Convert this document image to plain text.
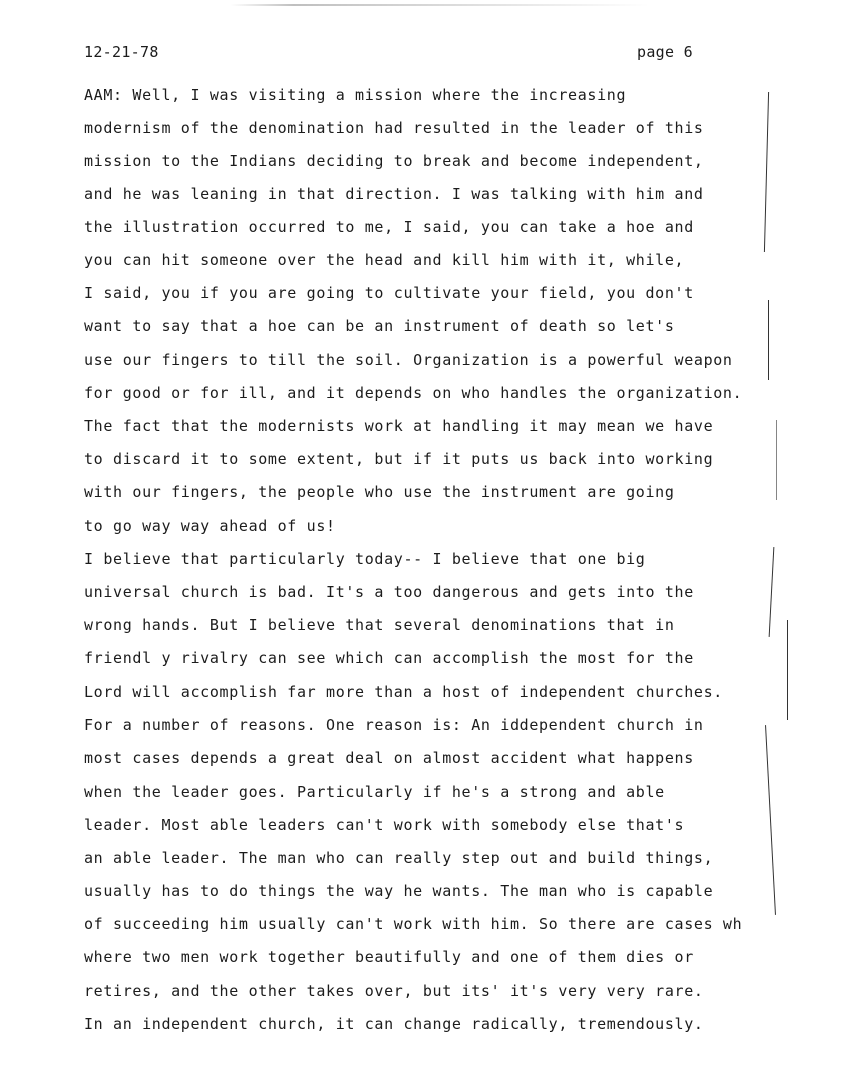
12-21-78	page 6
AAM: Well, I was visiting a mission where the increasing
modernism of the denomination had resulted in the leader of this
mission to the Indians deciding to break and become independent,
and he was leaning in that direction. I was talking with him and
the illustration occurred to me, I said, you can take a hoe and
you can hit someone over the head and kill him with it, while,
I said, you if you are going to cultivate your field, you don't
want to say that a hoe can be an instrument of death so let's
use our fingers to till the soil. Organization is a powerful weapon
for good or for ill, and it depends on who handles the organization.
The fact that the modernists work at handling it may mean we have
to discard it to some extent, but if it puts us back into working
with our fingers, the people who use the instrument are going
to go way way ahead of us!
I believe that particularly today-- I believe that one big
universal church is bad. It's a too dangerous and gets into the
wrong hands. But I believe that several denominations that in
friendl y rivalry can see which can accomplish the most for the
Lord will accomplish far more than a host of independent churches.
For a number of reasons. One reason is: An iddependent church in
most cases depends a great deal on almost accident what happens
when the leader goes. Particularly if he's a strong and able
leader. Most able leaders can't work with somebody else that's
an able leader. The man who can really step out and build things,
usually has to do things the way he wants. The man who is capable
of succeeding him usually can't work with him. So there are cases wh
where two men work together beautifully and one of them dies or
retires, and the other takes over, but its' it's very very rare.
In an independent church, it can change radically, tremendously.
